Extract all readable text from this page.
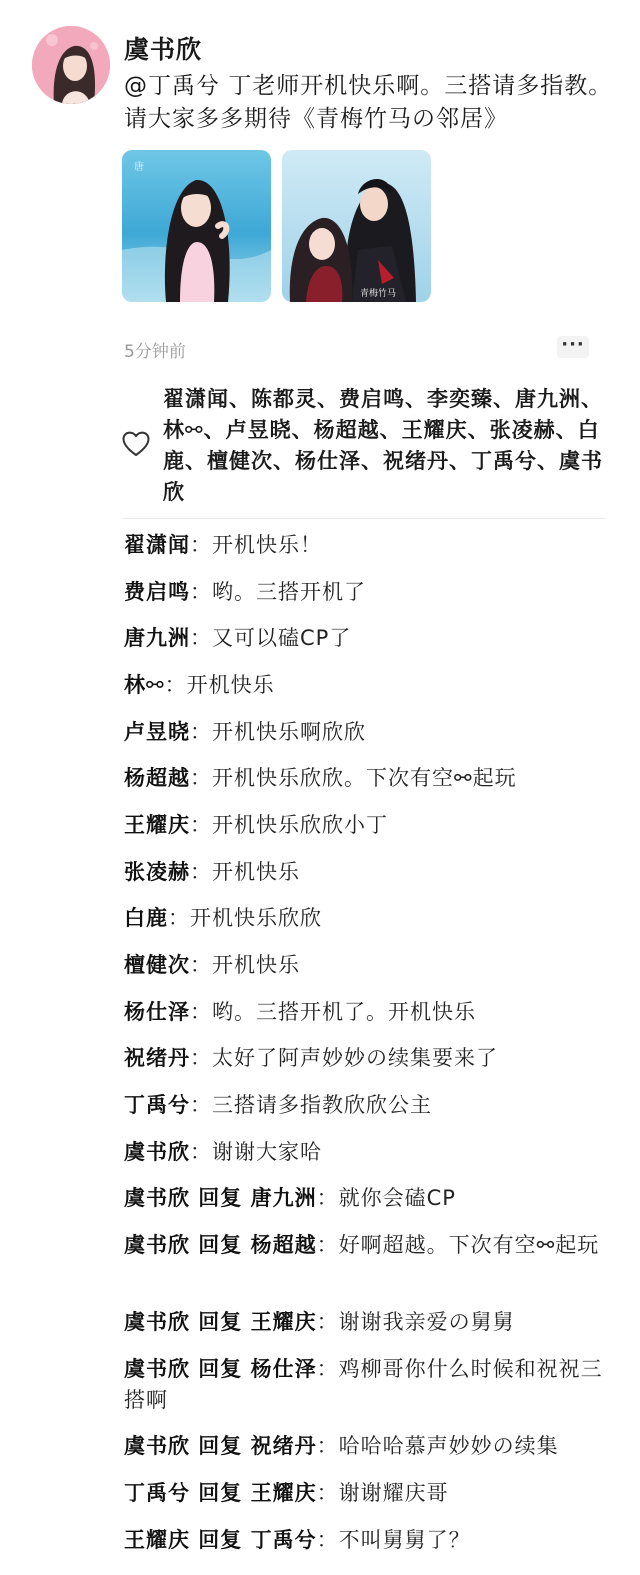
虞书欣
@丁禹兮 丁老师开机快乐啊。三搭请多指教。请大家多多期待《青梅竹马の邻居》
唐
青梅竹马
5分钟前	···
翟潇闻、陈都灵、费启鸣、李奕臻、唐九洲、林⚯、卢昱晓、杨超越、王耀庆、张凌赫、白鹿、檀健次、杨仕泽、祝绪丹、丁禹兮、虞书欣
翟潇闻：开机快乐！
费启鸣：哟。三搭开机了
唐九洲：又可以磕CP了
林⚯：开机快乐
卢昱晓：开机快乐啊欣欣
杨超越：开机快乐欣欣。下次有空⚯起玩
王耀庆：开机快乐欣欣小丁
张凌赫：开机快乐
白鹿：开机快乐欣欣
檀健次：开机快乐
杨仕泽：哟。三搭开机了。开机快乐
祝绪丹：太好了阿声妙妙の续集要来了
丁禹兮：三搭请多指教欣欣公主
虞书欣：谢谢大家哈
虞书欣 回复 唐九洲：就你会磕CP
虞书欣 回复 杨超越：好啊超越。下次有空⚯起玩
虞书欣 回复 王耀庆：谢谢我亲爱の舅舅
虞书欣 回复 杨仕泽：鸡柳哥你什么时候和祝祝三搭啊
虞书欣 回复 祝绪丹：哈哈哈慕声妙妙の续集
丁禹兮 回复 王耀庆：谢谢耀庆哥
王耀庆 回复 丁禹兮：不叫舅舅了？
